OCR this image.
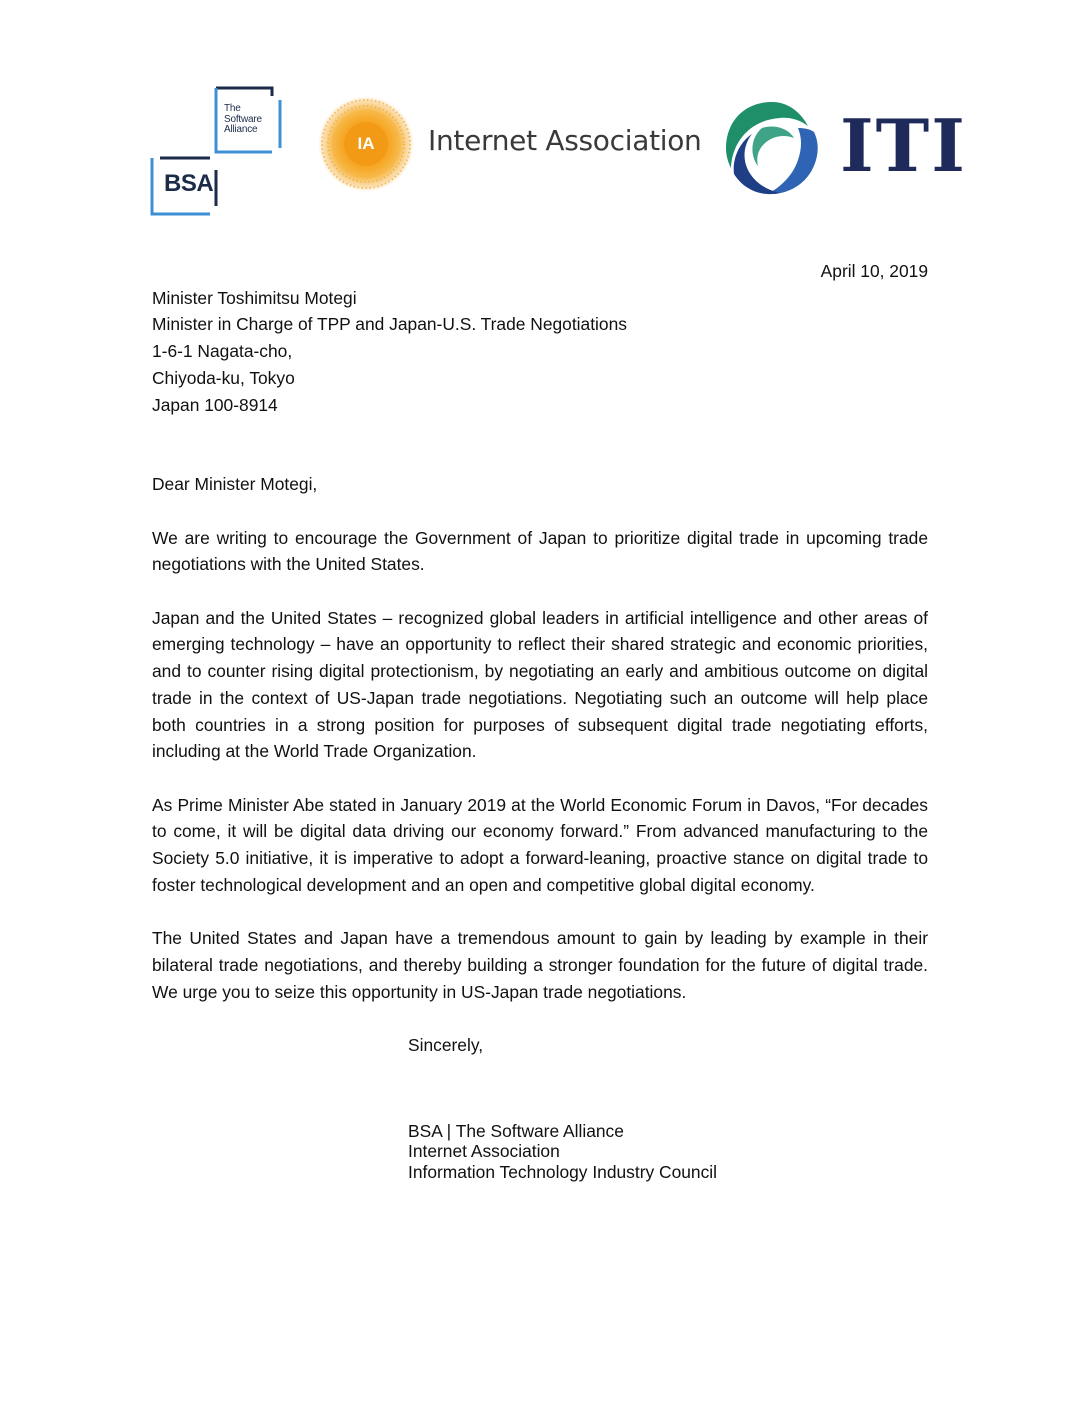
The
Software
Alliance
BSA
IA	Internet Association ITI
April 10, 2019
Minister Toshimitsu Motegi
Minister in Charge of TPP and Japan-U.S. Trade Negotiations
1-6-1 Nagata-cho,
Chiyoda-ku, Tokyo
Japan 100-8914
Dear Minister Motegi,
We are writing to encourage the Government of Japan to prioritize digital trade in upcoming trade negotiations with the United States.
Japan and the United States – recognized global leaders in artificial intelligence and other areas of emerging technology – have an opportunity to reflect their shared strategic and economic priorities, and to counter rising digital protectionism, by negotiating an early and ambitious outcome on digital trade in the context of US-Japan trade negotiations. Negotiating such an outcome will help place both countries in a strong position for purposes of subsequent digital trade negotiating efforts, including at the World Trade Organization.
As Prime Minister Abe stated in January 2019 at the World Economic Forum in Davos, “For decades to come, it will be digital data driving our economy forward.” From advanced manufacturing to the Society 5.0 initiative, it is imperative to adopt a forward-leaning, proactive stance on digital trade to foster technological development and an open and competitive global digital economy.
The United States and Japan have a tremendous amount to gain by leading by example in their bilateral trade negotiations, and thereby building a stronger foundation for the future of digital trade. We urge you to seize this opportunity in US-Japan trade negotiations.
Sincerely,
BSA | The Software Alliance
Internet Association
Information Technology Industry Council
